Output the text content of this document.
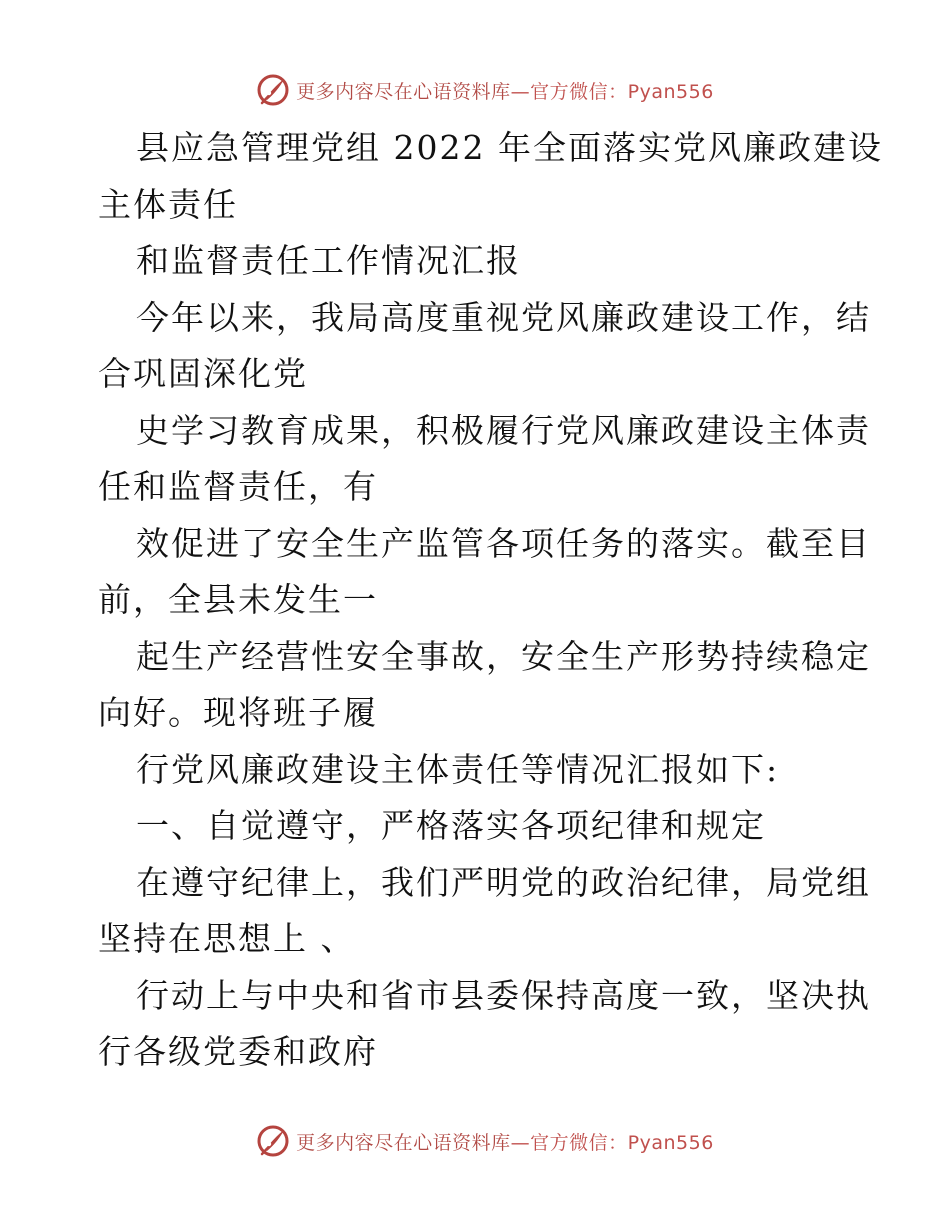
更多内容尽在心语资料库—官方微信：Pyan556
县应急管理党组 2022 年全面落实党风廉政建设
主体责任
和监督责任工作情况汇报
今年以来，我局高度重视党风廉政建设工作，结
合巩固深化党
史学习教育成果，积极履行党风廉政建设主体责
任和监督责任，有
效促进了安全生产监管各项任务的落实。截至目
前，全县未发生一
起生产经营性安全事故，安全生产形势持续稳定
向好。现将班子履
行党风廉政建设主体责任等情况汇报如下:
一、自觉遵守，严格落实各项纪律和规定
在遵守纪律上，我们严明党的政治纪律，局党组
坚持在思想上 、
行动上与中央和省市县委保持高度一致，坚决执
行各级党委和政府
更多内容尽在心语资料库—官方微信：Pyan556
